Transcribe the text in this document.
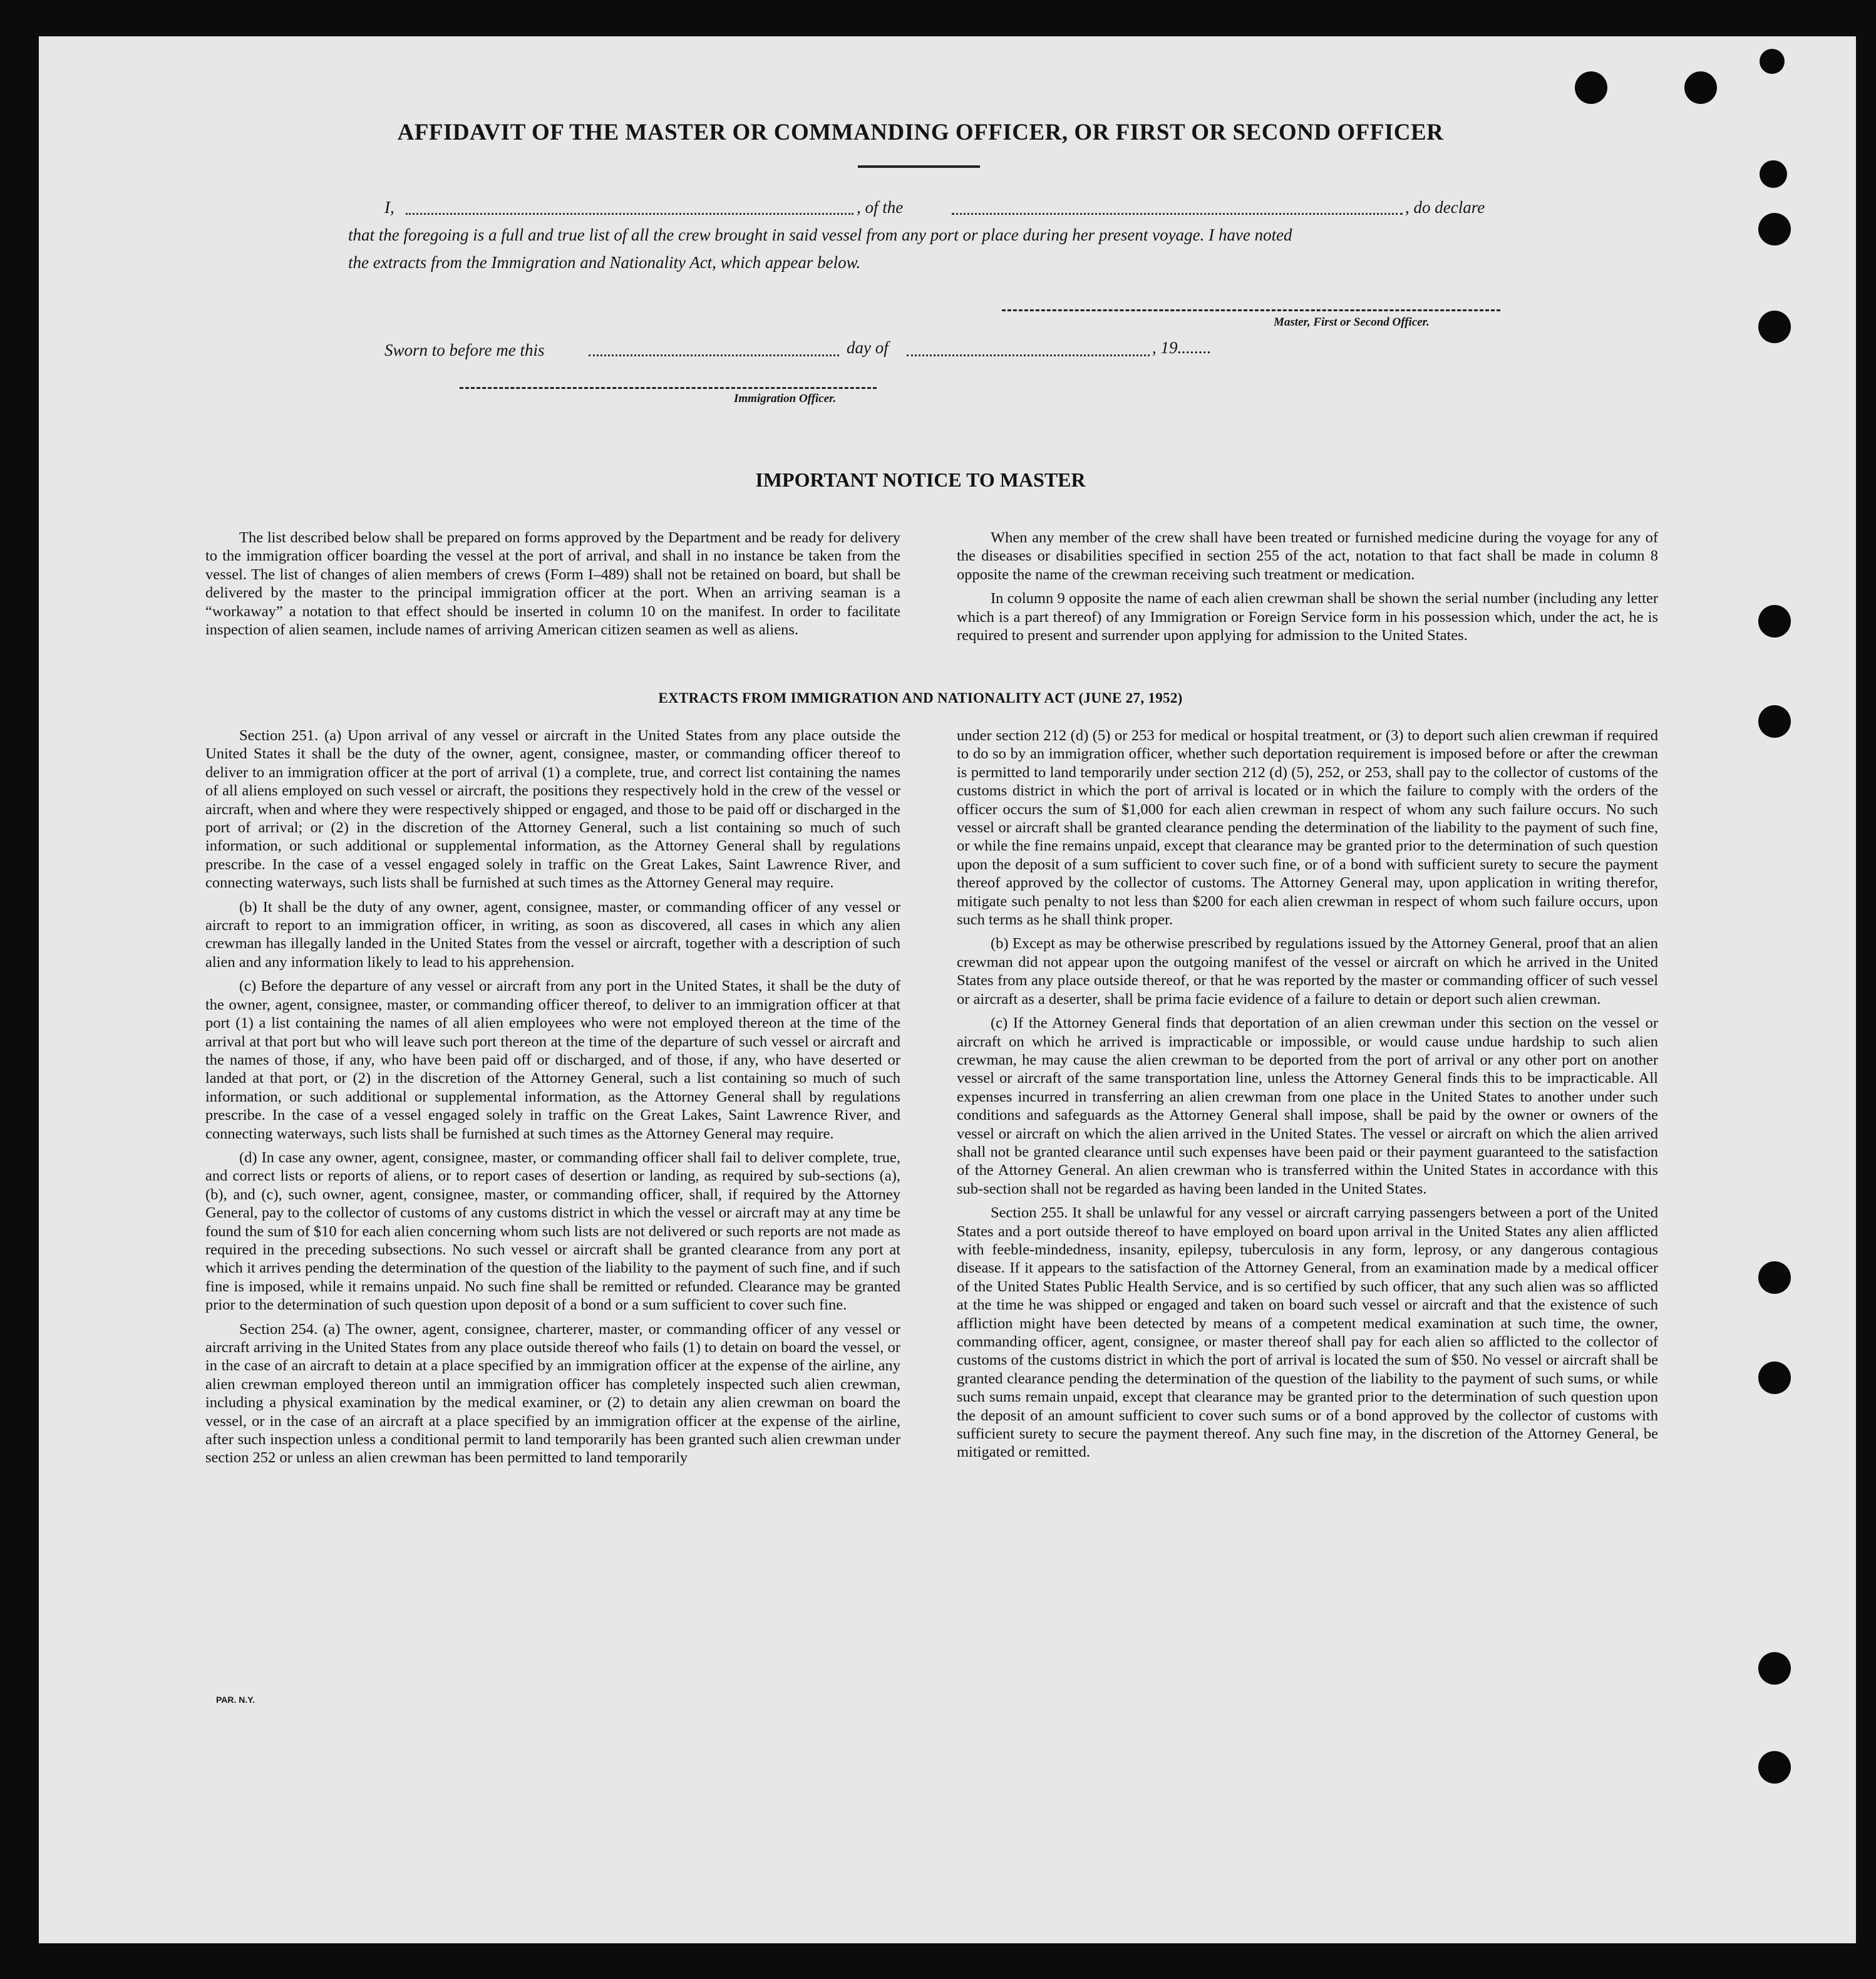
AFFIDAVIT OF THE MASTER OR COMMANDING OFFICER, OR FIRST OR SECOND OFFICER
I,	, of the	, do declare
that the foregoing is a full and true list of all the crew brought in said vessel from any port or place during her present voyage. I have noted
the extracts from the Immigration and Nationality Act, which appear below.
Master, First or Second Officer.
Sworn to before me this	day of	, 19........
Immigration Officer.
IMPORTANT NOTICE TO MASTER

The list described below shall be prepared on forms approved by the Department and be ready for delivery to the immigration officer boarding the vessel at the port of arrival, and shall in no instance be taken from the vessel. The list of changes of alien members of crews (Form I–489) shall not be retained on board, but shall be delivered by the master to the principal immigration officer at the port. When an arriving seaman is a “workaway” a notation to that effect should be inserted in column 10 on the manifest. In order to facilitate inspection of alien seamen, include names of arriving American citizen seamen as well as aliens.

When any member of the crew shall have been treated or furnished medicine during the voyage for any of the diseases or disabilities specified in section 255 of the act, notation to that fact shall be made in column 8 opposite the name of the crewman receiving such treatment or medication.

In column 9 opposite the name of each alien crewman shall be shown the serial number (including any letter which is a part thereof) of any Immigration or Foreign Service form in his possession which, under the act, he is required to present and surrender upon applying for admission to the United States.

EXTRACTS FROM IMMIGRATION AND NATIONALITY ACT (JUNE 27, 1952)

Section 251. (a) Upon arrival of any vessel or aircraft in the United States from any place outside the United States it shall be the duty of the owner, agent, consignee, master, or commanding officer thereof to deliver to an immigration officer at the port of arrival (1) a complete, true, and correct list containing the names of all aliens employed on such vessel or aircraft, the positions they respectively hold in the crew of the vessel or aircraft, when and where they were respectively shipped or engaged, and those to be paid off or discharged in the port of arrival; or (2) in the discretion of the Attorney General, such a list containing so much of such information, or such additional or supplemental information, as the Attorney General shall by regulations prescribe. In the case of a vessel engaged solely in traffic on the Great Lakes, Saint Lawrence River, and connecting waterways, such lists shall be furnished at such times as the Attorney General may require.

(b) It shall be the duty of any owner, agent, consignee, master, or commanding officer of any vessel or aircraft to report to an immigration officer, in writing, as soon as discovered, all cases in which any alien crewman has illegally landed in the United States from the vessel or aircraft, together with a description of such alien and any information likely to lead to his apprehension.

(c) Before the departure of any vessel or aircraft from any port in the United States, it shall be the duty of the owner, agent, consignee, master, or commanding officer thereof, to deliver to an immigration officer at that port (1) a list containing the names of all alien employees who were not employed thereon at the time of the arrival at that port but who will leave such port thereon at the time of the departure of such vessel or aircraft and the names of those, if any, who have been paid off or discharged, and of those, if any, who have deserted or landed at that port, or (2) in the discretion of the Attorney General, such a list containing so much of such information, or such additional or supplemental information, as the Attorney General shall by regulations prescribe. In the case of a vessel engaged solely in traffic on the Great Lakes, Saint Lawrence River, and connecting waterways, such lists shall be furnished at such times as the Attorney General may require.

(d) In case any owner, agent, consignee, master, or commanding officer shall fail to deliver complete, true, and correct lists or reports of aliens, or to report cases of desertion or landing, as required by sub-sections (a), (b), and (c), such owner, agent, consignee, master, or commanding officer, shall, if required by the Attorney General, pay to the collector of customs of any customs district in which the vessel or aircraft may at any time be found the sum of $10 for each alien concerning whom such lists are not delivered or such reports are not made as required in the preceding subsections. No such vessel or aircraft shall be granted clearance from any port at which it arrives pending the determination of the question of the liability to the payment of such fine, and if such fine is imposed, while it remains unpaid. No such fine shall be remitted or refunded. Clearance may be granted prior to the determination of such question upon deposit of a bond or a sum sufficient to cover such fine.

Section 254. (a) The owner, agent, consignee, charterer, master, or commanding officer of any vessel or aircraft arriving in the United States from any place outside thereof who fails (1) to detain on board the vessel, or in the case of an aircraft to detain at a place specified by an immigration officer at the expense of the airline, any alien crewman employed thereon until an immigration officer has completely inspected such alien crewman, including a physical examination by the medical examiner, or (2) to detain any alien crewman on board the vessel, or in the case of an aircraft at a place specified by an immigration officer at the expense of the airline, after such inspection unless a conditional permit to land temporarily has been granted such alien crewman under section 252 or unless an alien crewman has been permitted to land temporarily

under section 212 (d) (5) or 253 for medical or hospital treatment, or (3) to deport such alien crewman if required to do so by an immigration officer, whether such deportation requirement is imposed before or after the crewman is permitted to land temporarily under section 212 (d) (5), 252, or 253, shall pay to the collector of customs of the customs district in which the port of arrival is located or in which the failure to comply with the orders of the officer occurs the sum of $1,000 for each alien crewman in respect of whom any such failure occurs. No such vessel or aircraft shall be granted clearance pending the determination of the liability to the payment of such fine, or while the fine remains unpaid, except that clearance may be granted prior to the determination of such question upon the deposit of a sum sufficient to cover such fine, or of a bond with sufficient surety to secure the payment thereof approved by the collector of customs. The Attorney General may, upon application in writing therefor, mitigate such penalty to not less than $200 for each alien crewman in respect of whom such failure occurs, upon such terms as he shall think proper.

(b) Except as may be otherwise prescribed by regulations issued by the Attorney General, proof that an alien crewman did not appear upon the outgoing manifest of the vessel or aircraft on which he arrived in the United States from any place outside thereof, or that he was reported by the master or commanding officer of such vessel or aircraft as a deserter, shall be prima facie evidence of a failure to detain or deport such alien crewman.

(c) If the Attorney General finds that deportation of an alien crewman under this section on the vessel or aircraft on which he arrived is impracticable or impossible, or would cause undue hardship to such alien crewman, he may cause the alien crewman to be deported from the port of arrival or any other port on another vessel or aircraft of the same transportation line, unless the Attorney General finds this to be impracticable. All expenses incurred in transferring an alien crewman from one place in the United States to another under such conditions and safeguards as the Attorney General shall impose, shall be paid by the owner or owners of the vessel or aircraft on which the alien arrived in the United States. The vessel or aircraft on which the alien arrived shall not be granted clearance until such expenses have been paid or their payment guaranteed to the satisfaction of the Attorney General. An alien crewman who is transferred within the United States in accordance with this sub-section shall not be regarded as having been landed in the United States.

Section 255. It shall be unlawful for any vessel or aircraft carrying passengers between a port of the United States and a port outside thereof to have employed on board upon arrival in the United States any alien afflicted with feeble-mindedness, insanity, epilepsy, tuberculosis in any form, leprosy, or any dangerous contagious disease. If it appears to the satisfaction of the Attorney General, from an examination made by a medical officer of the United States Public Health Service, and is so certified by such officer, that any such alien was so afflicted at the time he was shipped or engaged and taken on board such vessel or aircraft and that the existence of such affliction might have been detected by means of a competent medical examination at such time, the owner, commanding officer, agent, consignee, or master thereof shall pay for each alien so afflicted to the collector of customs of the customs district in which the port of arrival is located the sum of $50. No vessel or aircraft shall be granted clearance pending the determination of the question of the liability to the payment of such sums, or while such sums remain unpaid, except that clearance may be granted prior to the determination of such question upon the deposit of an amount sufficient to cover such sums or of a bond approved by the collector of customs with sufficient surety to secure the payment thereof. Any such fine may, in the discretion of the Attorney General, be mitigated or remitted.

PAR. N.Y.
